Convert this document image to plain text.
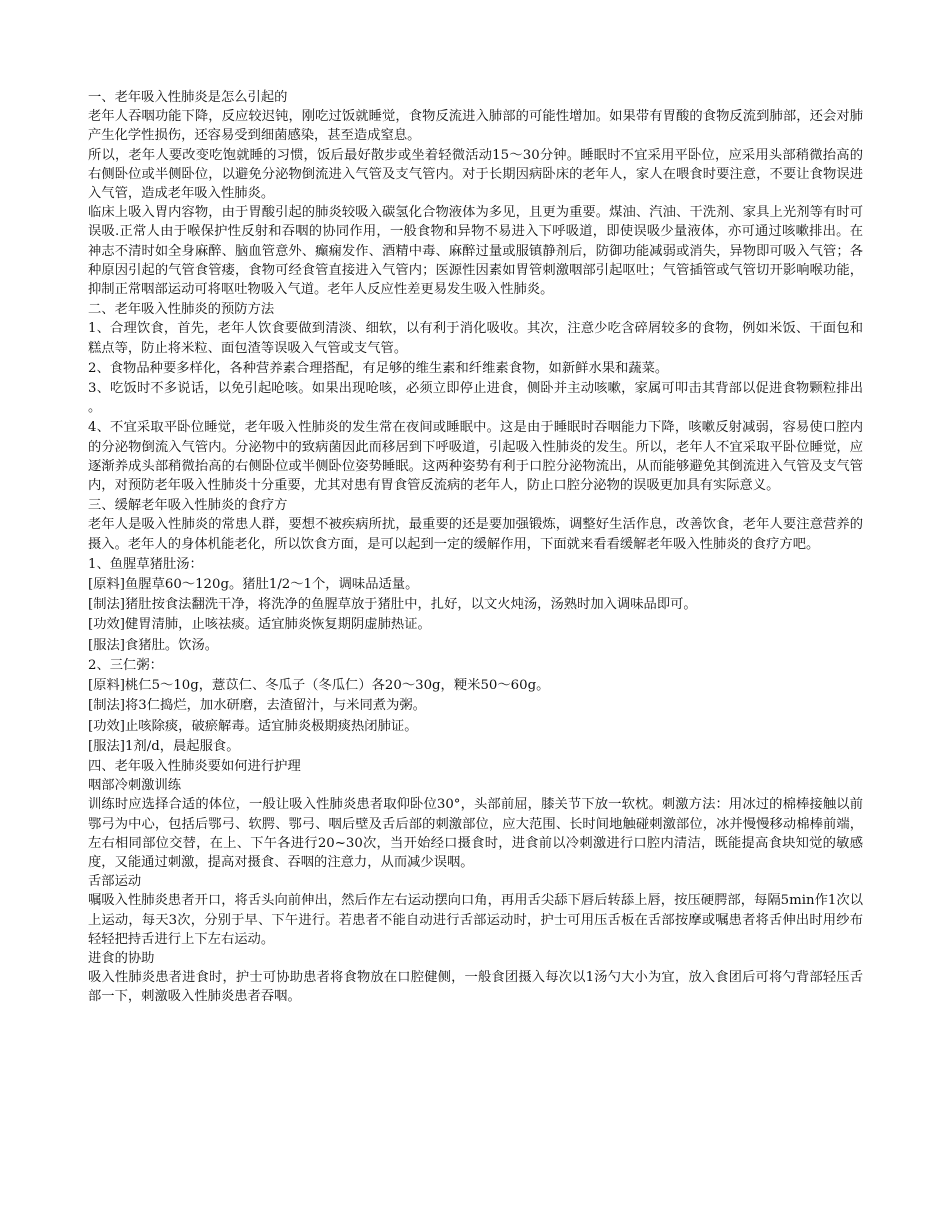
一、老年吸入性肺炎是怎么引起的

老年人吞咽功能下降，反应较迟钝，刚吃过饭就睡觉，食物反流进入肺部的可能性增加。如果带有胃酸的食物反流到肺部，还会对肺产生化学性损伤，还容易受到细菌感染，甚至造成窒息。

所以，老年人要改变吃饱就睡的习惯，饭后最好散步或坐着轻微活动15～30分钟。睡眠时不宜采用平卧位，应采用头部稍微抬高的右侧卧位或半侧卧位，以避免分泌物倒流进入气管及支气管内。对于长期因病卧床的老年人，家人在喂食时要注意，不要让食物误进入气管，造成老年吸入性肺炎。

临床上吸入胃内容物，由于胃酸引起的肺炎较吸入碳氢化合物液体为多见，且更为重要。煤油、汽油、干洗剂、家具上光剂等有时可误吸.正常人由于喉保护性反射和吞咽的协同作用，一般食物和异物不易进入下呼吸道，即使误吸少量液体，亦可通过咳嗽排出。在神志不清时如全身麻醉、脑血管意外、癫痫发作、酒精中毒、麻醉过量或服镇静剂后，防御功能减弱或消失，异物即可吸入气管；各种原因引起的气管食管瘘，食物可经食管直接进入气管内；医源性因素如胃管刺激咽部引起呕吐；气管插管或气管切开影响喉功能，抑制正常咽部运动可将呕吐物吸入气道。老年人反应性差更易发生吸入性肺炎。

二、老年吸入性肺炎的预防方法

1、合理饮食，首先，老年人饮食要做到清淡、细软，以有利于消化吸收。其次，注意少吃含碎屑较多的食物，例如米饭、干面包和糕点等，防止将米粒、面包渣等误吸入气管或支气管。

2、食物品种要多样化，各种营养素合理搭配，有足够的维生素和纤维素食物，如新鲜水果和蔬菜。

3、吃饭时不多说话，以免引起呛咳。如果出现呛咳，必须立即停止进食，侧卧并主动咳嗽，家属可叩击其背部以促进食物颗粒排出。

4、不宜采取平卧位睡觉，老年吸入性肺炎的发生常在夜间或睡眠中。这是由于睡眠时吞咽能力下降，咳嗽反射减弱，容易使口腔内的分泌物倒流入气管内。分泌物中的致病菌因此而移居到下呼吸道，引起吸入性肺炎的发生。所以，老年人不宜采取平卧位睡觉，应逐渐养成头部稍微抬高的右侧卧位或半侧卧位姿势睡眠。这两种姿势有利于口腔分泌物流出，从而能够避免其倒流进入气管及支气管内，对预防老年吸入性肺炎十分重要，尤其对患有胃食管反流病的老年人，防止口腔分泌物的误吸更加具有实际意义。

三、缓解老年吸入性肺炎的食疗方

老年人是吸入性肺炎的常患人群，要想不被疾病所扰，最重要的还是要加强锻炼，调整好生活作息，改善饮食，老年人要注意营养的摄入。老年人的身体机能老化，所以饮食方面，是可以起到一定的缓解作用，下面就来看看缓解老年吸入性肺炎的食疗方吧。

1、鱼腥草猪肚汤：

[原料]鱼腥草60～120g。猪肚1/2～1个，调味品适量。

[制法]猪肚按食法翻洗干净，将洗净的鱼腥草放于猪肚中，扎好，以文火炖汤，汤熟时加入调味品即可。

[功效]健胃清肺，止咳祛痰。适宜肺炎恢复期阴虚肺热证。

[服法]食猪肚。饮汤。

2、三仁粥：

[原料]桃仁5～10g，薏苡仁、冬瓜子（冬瓜仁）各20～30g，粳米50～60g。

[制法]将3仁捣烂，加水研磨，去渣留汁，与米同煮为粥。

[功效]止咳除痰，破瘀解毒。适宜肺炎极期痰热闭肺证。

[服法]1剂/d，晨起服食。

四、老年吸入性肺炎要如何进行护理

咽部冷刺激训练

训练时应选择合适的体位，一般让吸入性肺炎患者取仰卧位30°，头部前屈，膝关节下放一软枕。刺激方法：用冰过的棉棒接触以前鄂弓为中心，包括后鄂弓、软腭、鄂弓、咽后壁及舌后部的刺激部位，应大范围、长时间地触碰刺激部位，冰并慢慢移动棉棒前端，左右相同部位交替，在上、下午各进行20~30次，当开始经口摄食时，进食前以冷刺激进行口腔内清洁，既能提高食块知觉的敏感度，又能通过刺激，提高对摄食、吞咽的注意力，从而减少误咽。

舌部运动

嘱吸入性肺炎患者开口，将舌头向前伸出，然后作左右运动摆向口角，再用舌尖舔下唇后转舔上唇，按压硬腭部，每隔5min作1次以上运动，每天3次，分别于早、下午进行。若患者不能自动进行舌部运动时，护士可用压舌板在舌部按摩或嘱患者将舌伸出时用纱布轻轻把持舌进行上下左右运动。

进食的协助

吸入性肺炎患者进食时，护士可协助患者将食物放在口腔健侧，一般食团摄入每次以1汤勺大小为宜，放入食团后可将勺背部轻压舌部一下，刺激吸入性肺炎患者吞咽。
